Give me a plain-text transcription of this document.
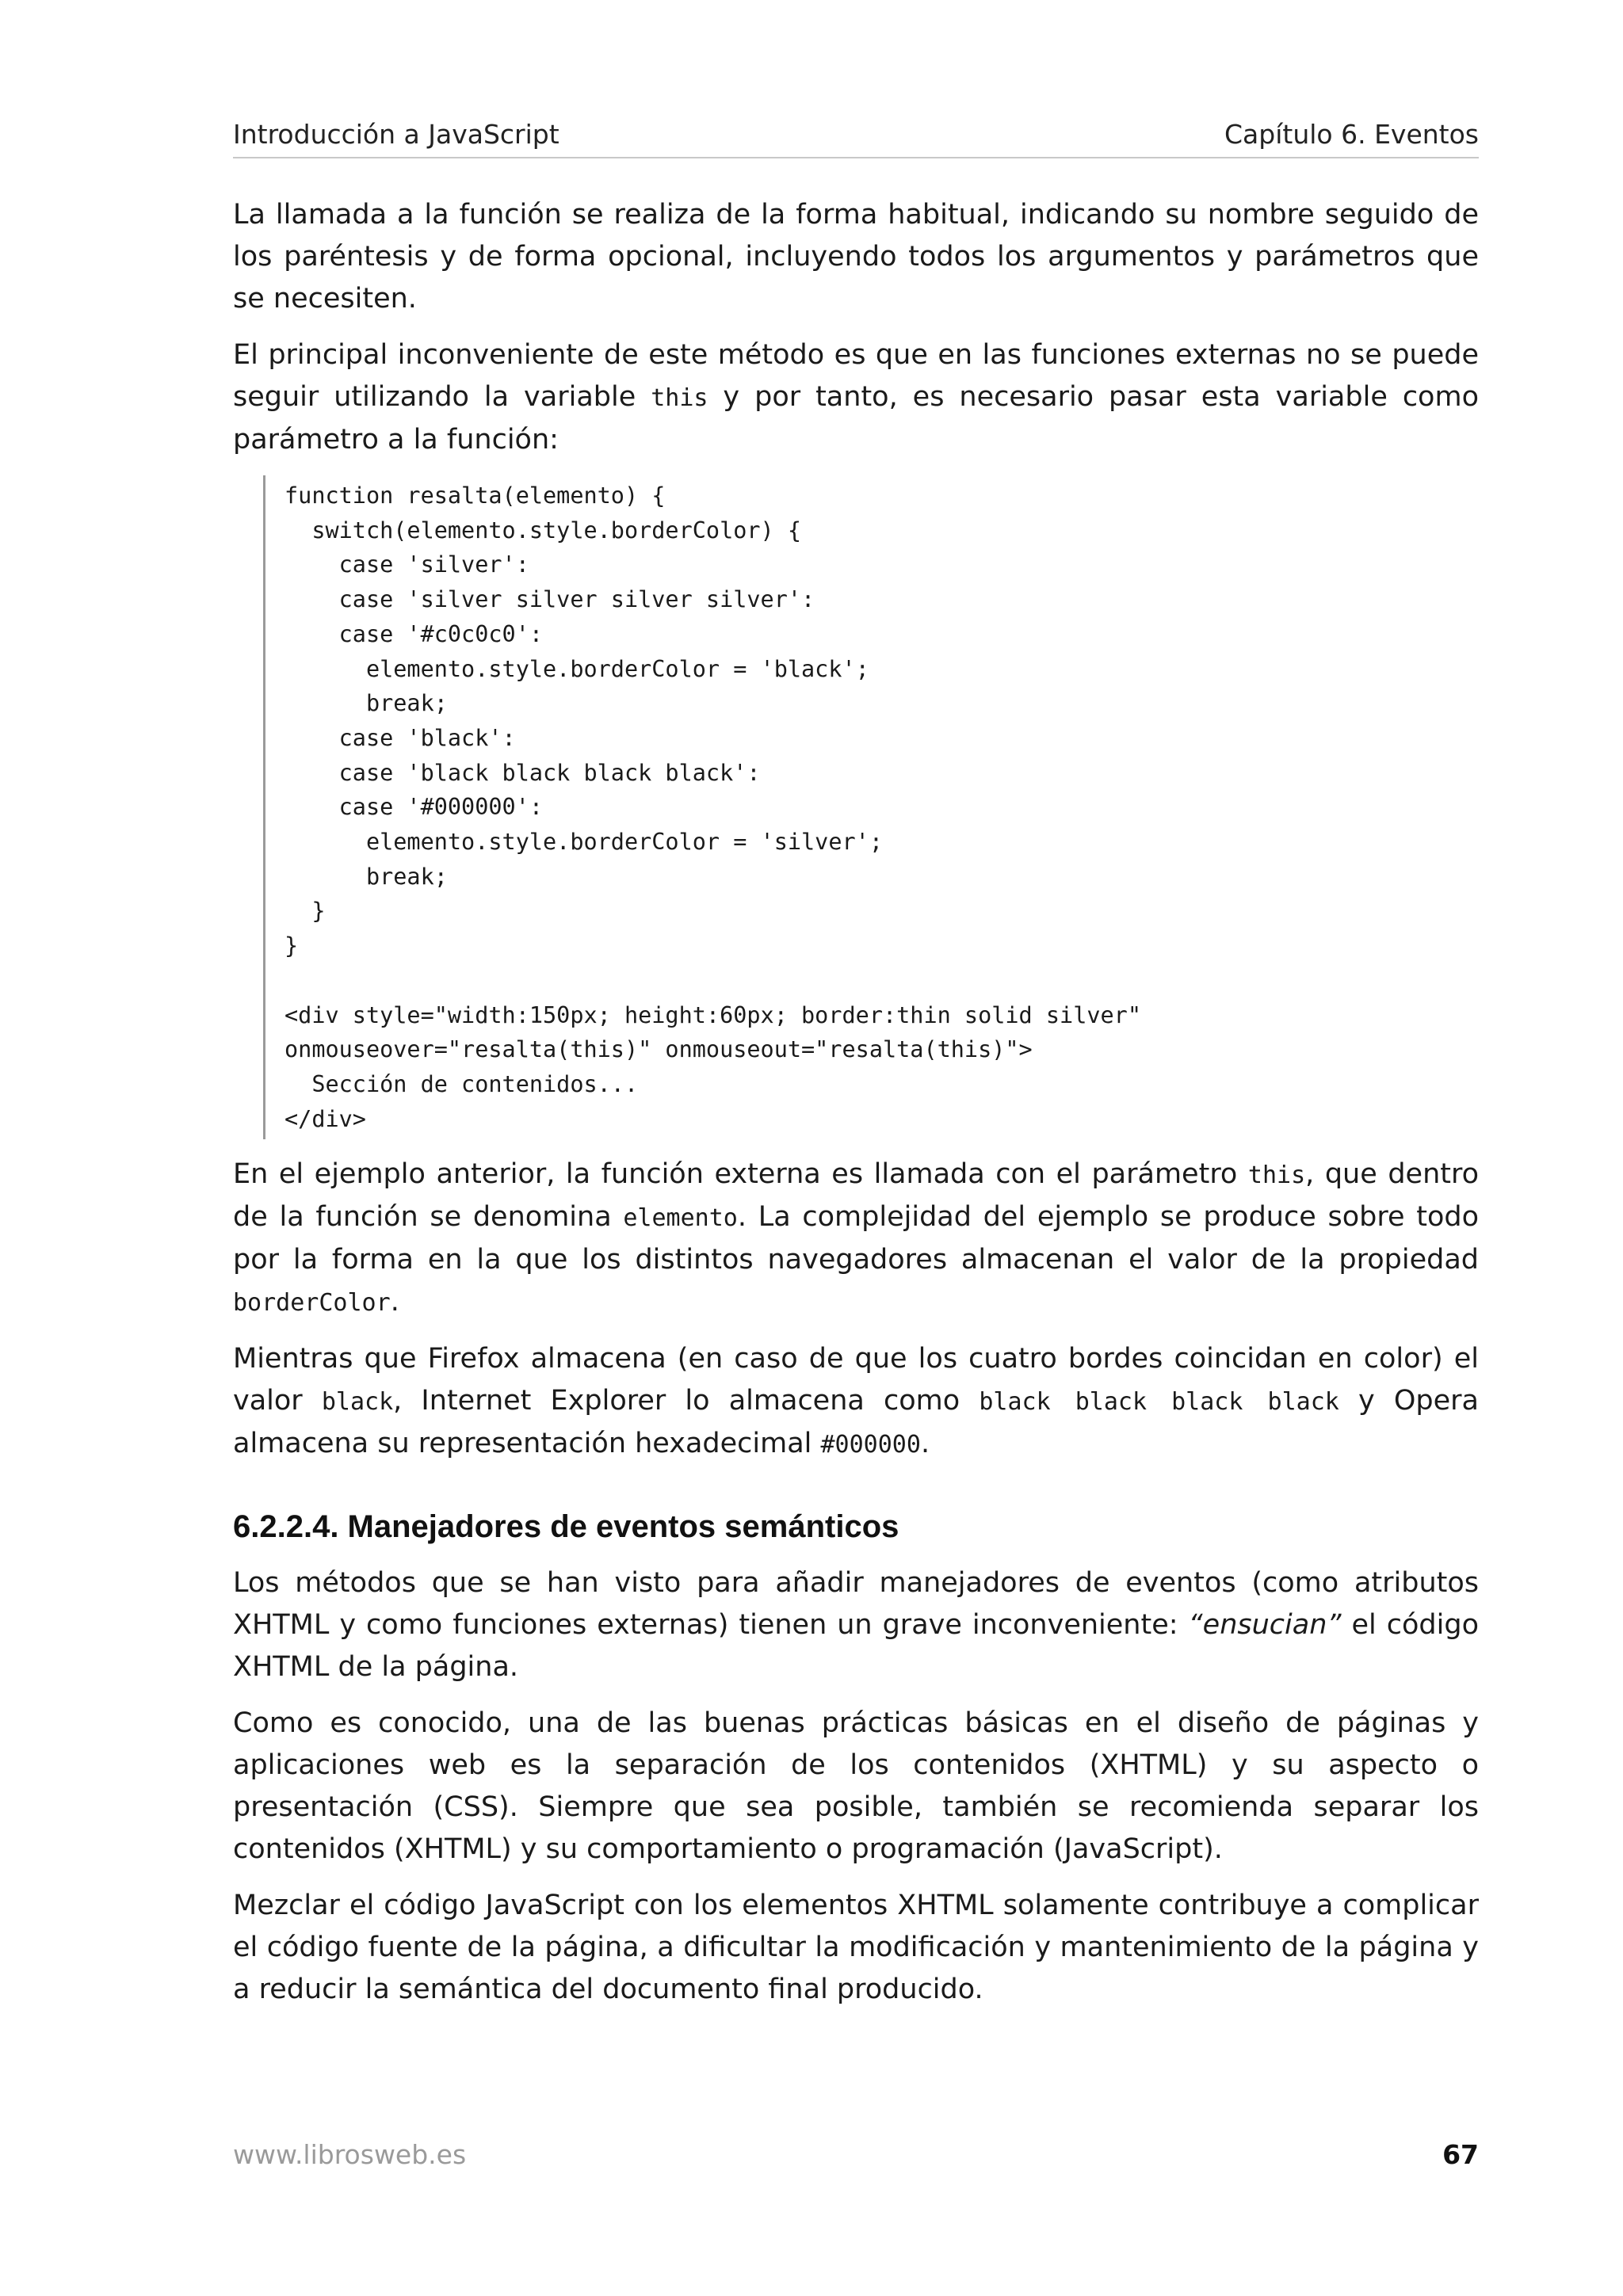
Introducción a JavaScript	Capítulo 6. Eventos

La llamada a la función se realiza de la forma habitual, indicando su nombre seguido de los paréntesis y de forma opcional, incluyendo todos los argumentos y parámetros que se necesiten.

El principal inconveniente de este método es que en las funciones externas no se puede seguir utilizando la variable this y por tanto, es necesario pasar esta variable como parámetro a la función:

function resalta(elemento) {
switch(elemento.style.borderColor) {
case 'silver':
case 'silver silver silver silver':
case '#c0c0c0':
elemento.style.borderColor = 'black';
break;
case 'black':
case 'black black black black':
case '#000000':
elemento.style.borderColor = 'silver';
break;
}
}

<div style="width:150px; height:60px; border:thin solid silver"
onmouseover="resalta(this)" onmouseout="resalta(this)">
Sección de contenidos...
</div>

En el ejemplo anterior, la función externa es llamada con el parámetro this, que dentro de la función se denomina elemento. La complejidad del ejemplo se produce sobre todo por la forma en la que los distintos navegadores almacenan el valor de la propiedad borderColor.

Mientras que Firefox almacena (en caso de que los cuatro bordes coincidan en color) el valor black, Internet Explorer lo almacena como black black black black y Opera almacena su representación hexadecimal #000000.

6.2.2.4. Manejadores de eventos semánticos

Los métodos que se han visto para añadir manejadores de eventos (como atributos XHTML y como funciones externas) tienen un grave inconveniente: “ensucian” el código XHTML de la página.

Como es conocido, una de las buenas prácticas básicas en el diseño de páginas y aplicaciones web es la separación de los contenidos (XHTML) y su aspecto o presentación (CSS). Siempre que sea posible, también se recomienda separar los contenidos (XHTML) y su comportamiento o programación (JavaScript).

Mezclar el código JavaScript con los elementos XHTML solamente contribuye a complicar el código fuente de la página, a dificultar la modificación y mantenimiento de la página y a reducir la semántica del documento final producido.

www.librosweb.es	67
